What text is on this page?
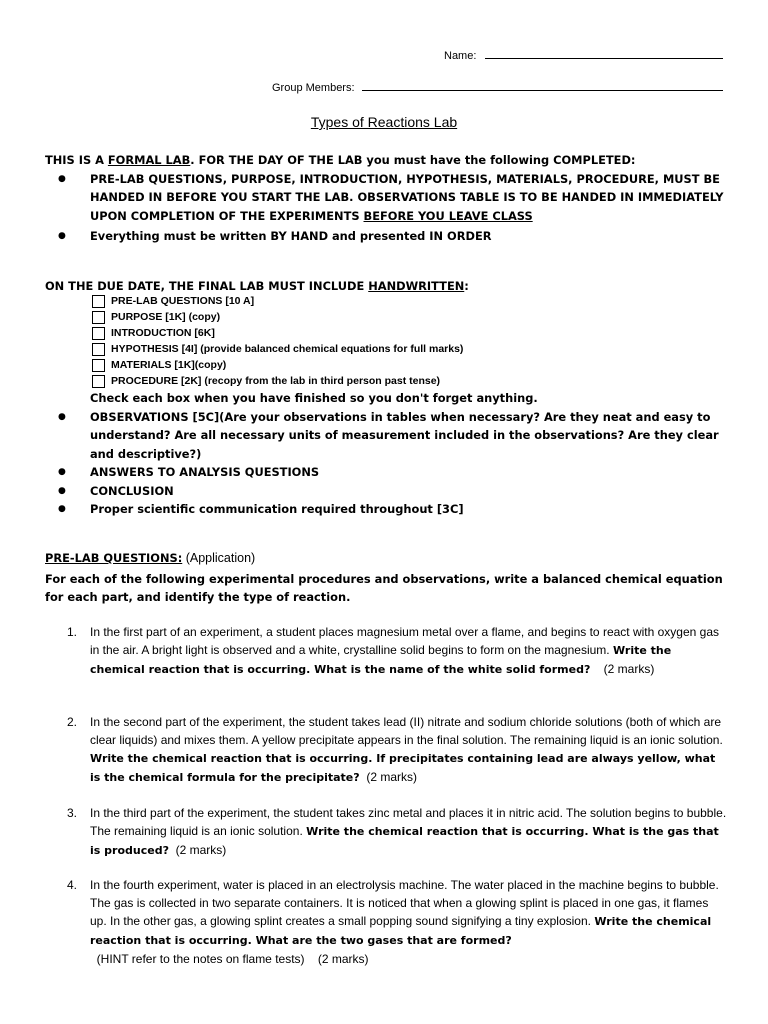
Name:
Group Members:
Types of Reactions Lab
THIS IS A FORMAL LAB. FOR THE DAY OF THE LAB you must have the following COMPLETED:
● PRE-LAB QUESTIONS, PURPOSE, INTRODUCTION, HYPOTHESIS, MATERIALS, PROCEDURE, MUST BE HANDED IN BEFORE YOU START THE LAB. OBSERVATIONS TABLE IS TO BE HANDED IN IMMEDIATELY UPON COMPLETION OF THE EXPERIMENTS BEFORE YOU LEAVE CLASS
● Everything must be written BY HAND and presented IN ORDER
ON THE DUE DATE, THE FINAL LAB MUST INCLUDE HANDWRITTEN:
PRE-LAB QUESTIONS [10 A]
PURPOSE [1K] (copy)
INTRODUCTION [6K]
HYPOTHESIS [4I] (provide balanced chemical equations for full marks)
MATERIALS [1K](copy)
PROCEDURE [2K] (recopy from the lab in third person past tense)
Check each box when you have finished so you don't forget anything.
● OBSERVATIONS [5C](Are your observations in tables when necessary? Are they neat and easy to understand? Are all necessary units of measurement included in the observations? Are they clear and descriptive?)
● ANSWERS TO ANALYSIS QUESTIONS
● CONCLUSION
● Proper scientific communication required throughout [3C]
PRE-LAB QUESTIONS: (Application)
For each of the following experimental procedures and observations, write a balanced chemical equation for each part, and identify the type of reaction.
1.	In the first part of an experiment, a student places magnesium metal over a flame, and begins to react with oxygen gas in the air. A bright light is observed and a white, crystalline solid begins to form on the magnesium. Write the chemical reaction that is occurring. What is the name of the white solid formed?    (2 marks)
2.	In the second part of the experiment, the student takes lead (II) nitrate and sodium chloride solutions (both of which are clear liquids) and mixes them. A yellow precipitate appears in the final solution. The remaining liquid is an ionic solution. Write the chemical reaction that is occurring. If precipitates containing lead are always yellow, what is the chemical formula for the precipitate?  (2 marks)
3.	In the third part of the experiment, the student takes zinc metal and places it in nitric acid. The solution begins to bubble. The remaining liquid is an ionic solution. Write the chemical reaction that is occurring. What is the gas that is produced?  (2 marks)
4.	In the fourth experiment, water is placed in an electrolysis machine. The water placed in the machine begins to bubble. The gas is collected in two separate containers. It is noticed that when a glowing splint is placed in one gas, it flames up. In the other gas, a glowing splint creates a small popping sound signifying a tiny explosion. Write the chemical reaction that is occurring. What are the two gases that are formed?  (HINT refer to the notes on flame tests)    (2 marks)
